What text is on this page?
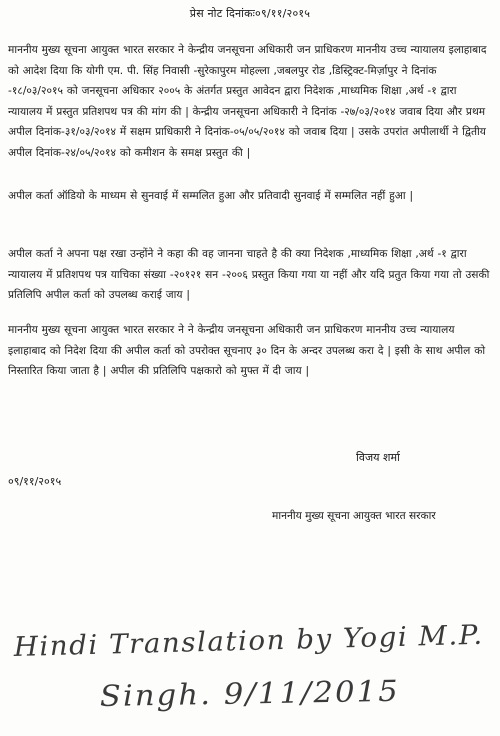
प्रेस नोट दिनांकः०९/११/२०१५
माननीय मुख्य सूचना आयुक्त भारत सरकार ने केन्द्रीय जनसूचना अधिकारी जन प्राधिकरण माननीय उच्च न्यायालय इलाहाबाद को आदेश दिया कि योगी एम. पी. सिंह निवासी -सुरेकापुरम मोहल्ला ,जबलपुर रोड ,डिस्ट्रिक्ट-मिर्ज़ापुर ने दिनांक -१८/०३/२०१५ को जनसूचना अधिकार २००५ के अंतर्गत प्रस्तुत आवेदन द्वारा निदेशक ,माध्यमिक शिक्षा ,अर्थ -१ द्वारा न्यायालय में प्रस्तुत प्रतिशपथ पत्र की मांग की | केन्द्रीय जनसूचना अधिकारी ने दिनांक -२७/०३/२०१४ जवाब दिया और प्रथम अपील दिनांक-३१/०३/२०१४ में सक्षम प्राधिकारी ने दिनांक-०५/०५/२०१४ को जवाब दिया | उसके उपरांत अपीलार्थी ने द्वितीय अपील दिनांक-२४/०५/२०१४ को कमीशन के समक्ष प्रस्तुत की |
अपील कर्ता ऑडियो के माध्यम से सुनवाई में सम्मलित हुआ और प्रतिवादी सुनवाई में सम्मलित नहीं हुआ |
अपील कर्ता ने अपना पक्ष रखा उन्होंने ने कहा की वह जानना चाहते है की क्या निदेशक ,माध्यमिक शिक्षा ,अर्थ -१ द्वारा न्यायालय में प्रतिशपथ पत्र याचिका संख्या -२०१२१ सन -२००६ प्रस्तुत किया गया या नहीं और यदि प्रतुत किया गया तो उसकी प्रतिलिपि अपील कर्ता को उपलब्ध कराई जाय |
माननीय मुख्य सूचना आयुक्त भारत सरकार ने ने केन्द्रीय जनसूचना अधिकारी जन प्राधिकरण माननीय उच्च न्यायालय इलाहाबाद को निदेश दिया की अपील कर्ता को उपरोक्त सूचनाए ३० दिन के अन्दर उपलब्ध करा दे | इसी के साथ अपील को निस्तारित किया जाता है | अपील की प्रतिलिपि पक्षकारो को मुफ्त में दी जाय |
विजय शर्मा
०९/११/२०१५
माननीय मुख्य सूचना आयुक्त भारत सरकार
Hindi Translation by Yogi M.P.
Singh. 9/11/2015
